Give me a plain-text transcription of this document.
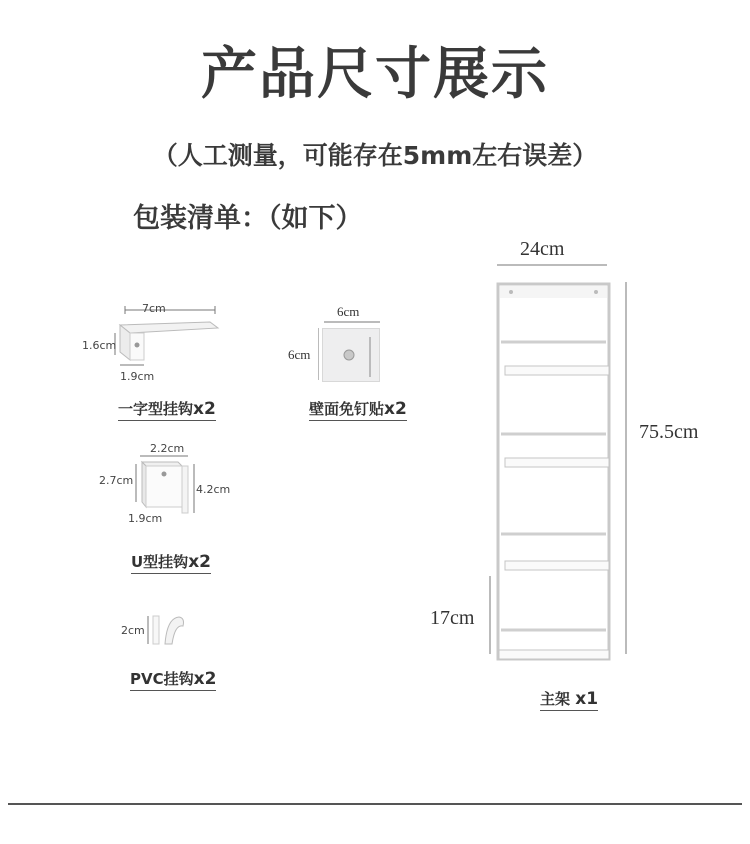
产品尺寸展示
（人工测量，可能存在5mm左右误差）
包装清单：（如下）
7cm
1.6cm
1.9cm
一字型挂钩x2
6cm
6cm
壁面免钉贴x2
2.2cm
2.7cm
4.2cm
1.9cm
U型挂钩x2
2cm
PVC挂钩x2
24cm
75.5cm
17cm
主架 x1
